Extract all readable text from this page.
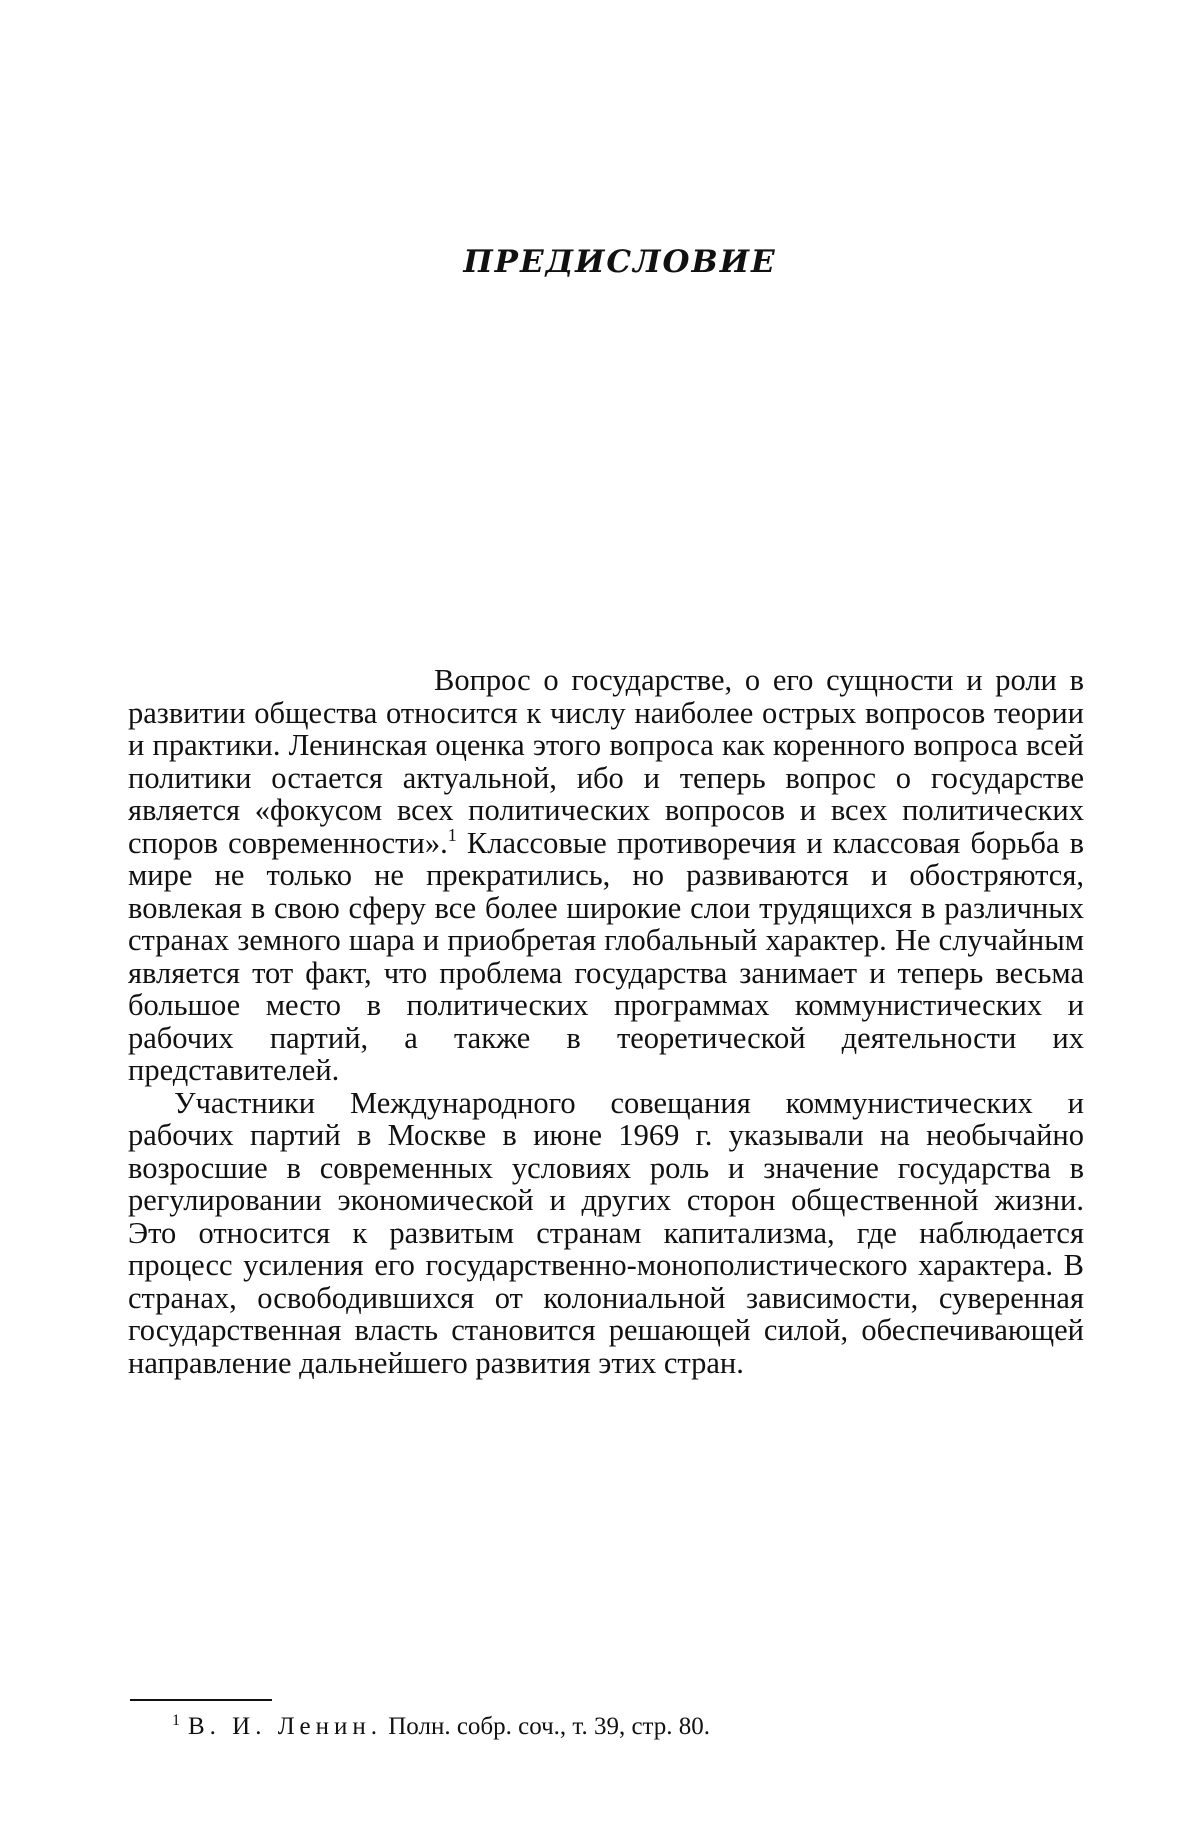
ПРЕДИСЛОВИЕ

Вопрос о государстве, о его сущности и роли в развитии общества относится к числу наиболее острых вопросов теории и практики. Ленинская оценка этого вопроса как коренного вопроса всей политики остается актуальной, ибо и теперь вопрос о государстве является «фокусом всех политических вопросов и всех политических споров современности».$^1$ Классовые противоречия и классовая борьба в мире не только не прекратились, но развиваются и обостряются, вовлекая в свою сферу все более широкие слои трудящихся в различных странах земного шара и приобретая глобальный характер. Не случайным является тот факт, что проблема государства занимает и теперь весьма большое место в политических программах коммунистических и рабочих партий, а также в теоретической деятельности их представителей.

Участники Международного совещания коммунистических и рабочих партий в Москве в июне 1969 г. указывали на необычайно возросшие в современных условиях роль и значение государства в регулировании экономической и других сторон общественной жизни. Это относится к развитым странам капитализма, где наблюдается процесс усиления его государственно-монополистического характера. В странах, освободившихся от колониальной зависимости, суверенная государственная власть становится решающей силой, обеспечивающей направление дальнейшего развития этих стран.

$^1$ В. И. Ленин. Полн. собр. соч., т. 39, стр. 80.
